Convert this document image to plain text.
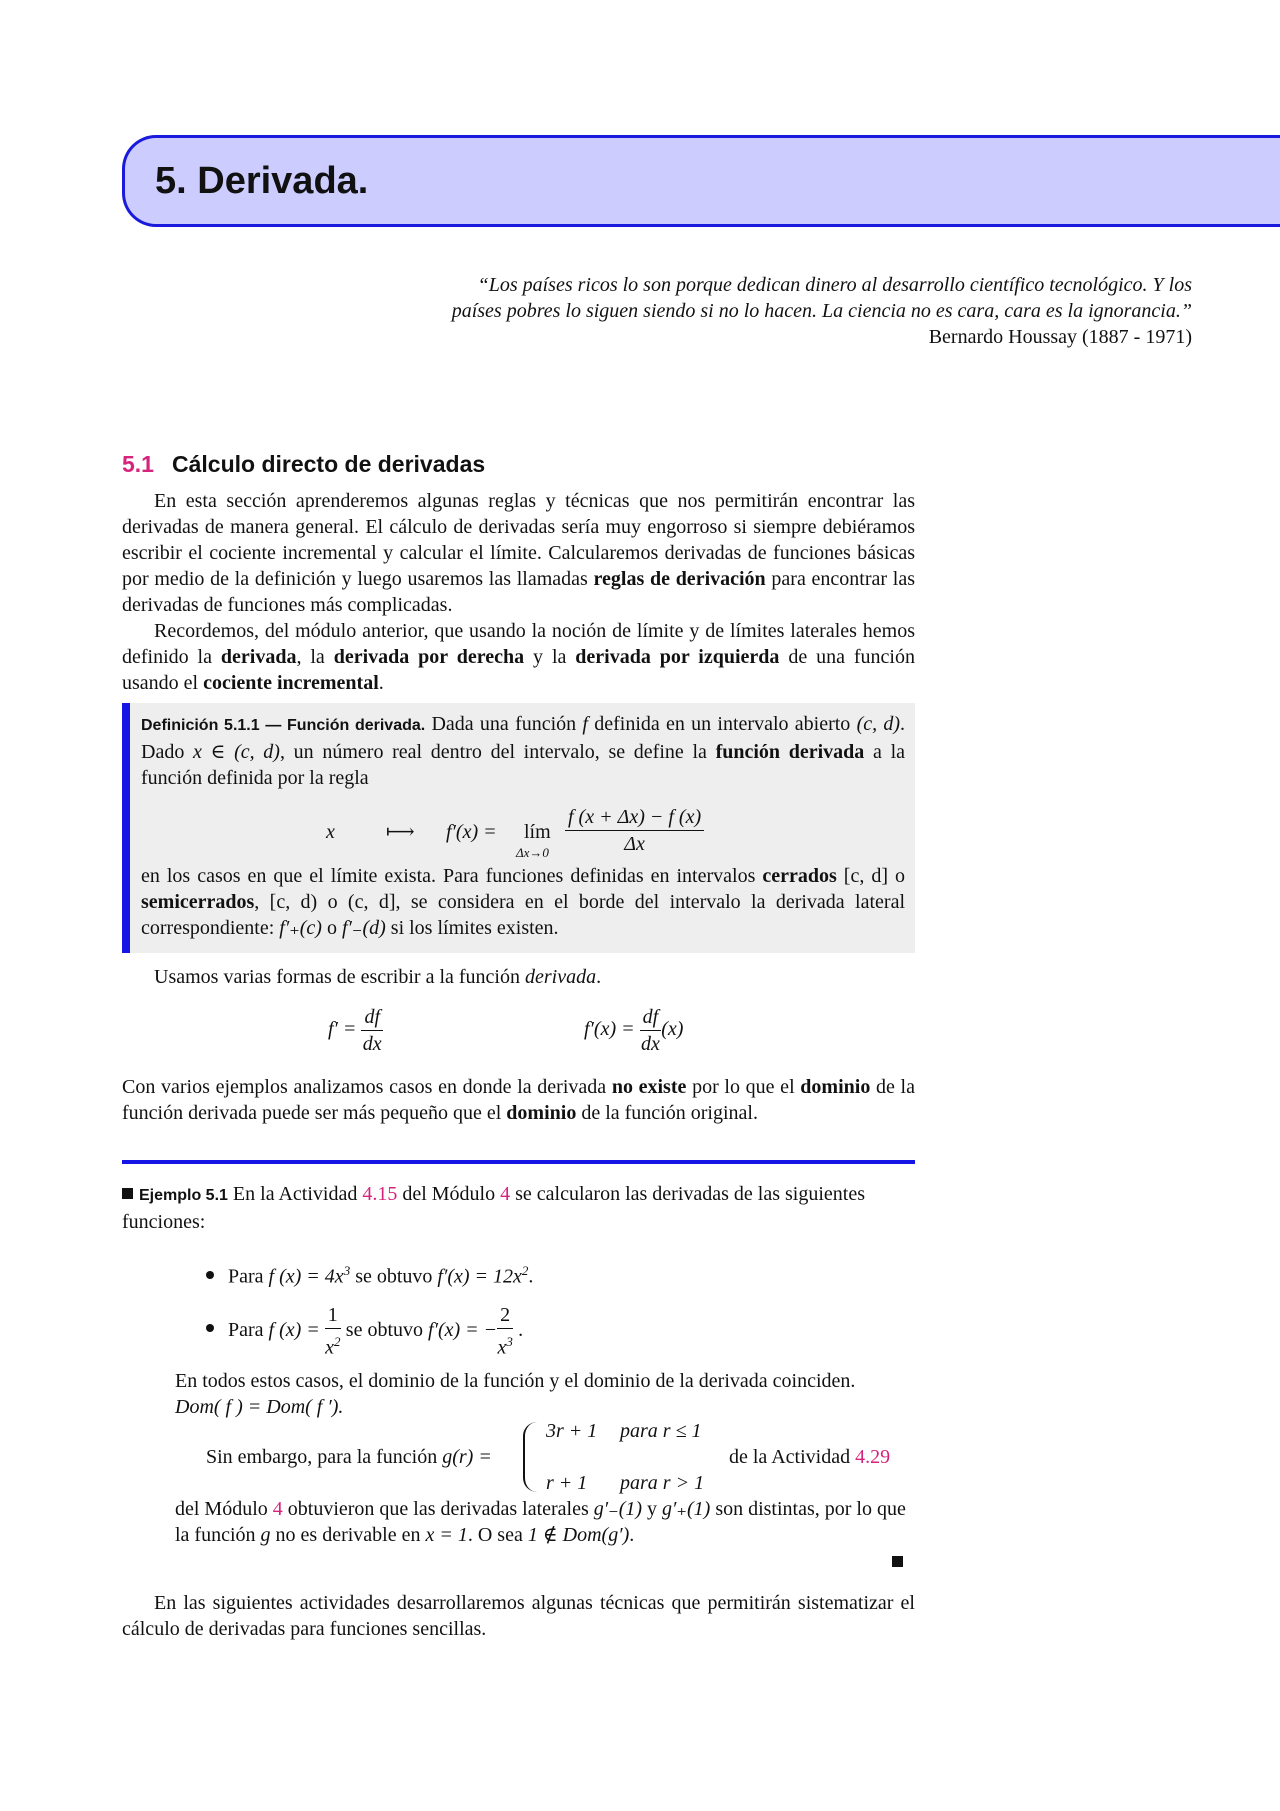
5. Derivada.
“Los países ricos lo son porque dedican dinero al desarrollo científico tecnológico. Y los
países pobres lo siguen siendo si no lo hacen. La ciencia no es cara, cara es la ignorancia.”
Bernardo Houssay (1887 - 1971)
5.1 Cálculo directo de derivadas
En esta sección aprenderemos algunas reglas y técnicas que nos permitirán encontrar las derivadas de manera general. El cálculo de derivadas sería muy engorroso si siempre debiéramos escribir el cociente incremental y calcular el límite. Calcularemos derivadas de funciones básicas por medio de la definición y luego usaremos las llamadas reglas de derivación para encontrar las derivadas de funciones más complicadas.
Recordemos, del módulo anterior, que usando la noción de límite y de límites laterales hemos definido la derivada, la derivada por derecha y la derivada por izquierda de una función usando el cociente incremental.
Definición 5.1.1 — Función derivada. Dada una función f definida en un intervalo abierto (c, d). Dado x ∈ (c, d), un número real dentro del intervalo, se define la función derivada a la función definida por la regla
x	⟼ f′(x) = lím
$\Delta x\to 0 \frac{f (x + \Delta x) - f (x)}{\Delta x}$
en los casos en que el límite exista. Para funciones definidas en intervalos cerrados [c, d] o semicerrados, [c, d) o (c, d], se considera en el borde del intervalo la derivada lateral correspondiente: f′₊(c) o f′₋(d) si los límites existen.
Usamos varias formas de escribir a la función derivada.
$f' = \frac{df}{dx}$	$f'(x) = \frac{df}{dx} (x)$
Con varios ejemplos analizamos casos en donde la derivada no existe por lo que el dominio de la función derivada puede ser más pequeño que el dominio de la función original.
Ejemplo 5.1 En la Actividad 4.15 del Módulo 4 se calcularon las derivadas de las siguientes funciones:
Para f $(x) = 4x^3$ se obtuvo $f'(x) = 12x^2$.
Para f $(x) = \frac{1}{x^2}$ se obtuvo f′(x) = − $\frac{2}{x^3}$ .
En todos estos casos, el dominio de la función y el dominio de la derivada coinciden.
Dom( f ) = Dom( f ′).
Sin embargo, para la función g(r) =
3r + 1 para r ≤ 1
r + 1 para r > 1
de la Actividad 4.29
del Módulo 4 obtuvieron que las derivadas laterales g′₋(1) y g′₊(1) son distintas, por lo que la función g no es derivable en x = 1. O sea 1 ∉ Dom(g′).
En las siguientes actividades desarrollaremos algunas técnicas que permitirán sistematizar el cálculo de derivadas para funciones sencillas.
